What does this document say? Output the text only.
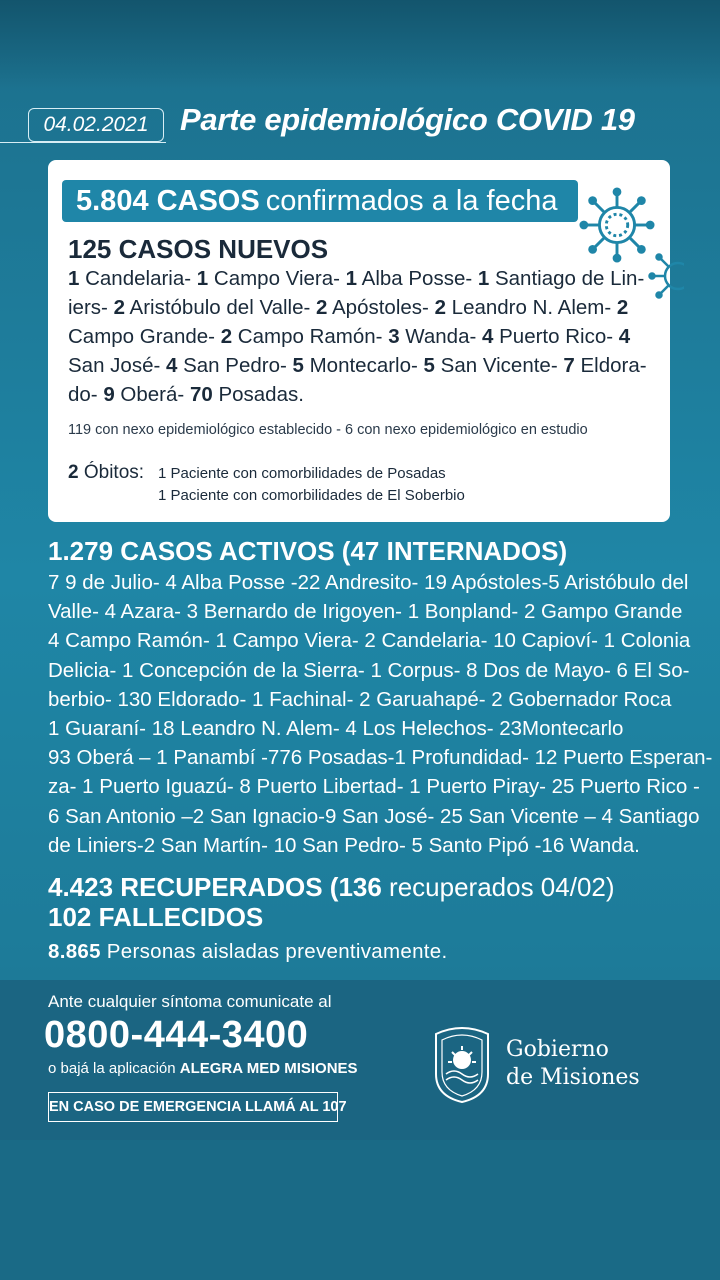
04.02.2021	Parte epidemiológico COVID 19
5.804 CASOS confirmados a la fecha
125 CASOS NUEVOS
1 Candelaria- 1 Campo Viera- 1 Alba Posse- 1 Santiago de Lin-
iers- 2 Aristóbulo del Valle- 2 Apóstoles- 2 Leandro N. Alem- 2
Campo Grande- 2 Campo Ramón- 3 Wanda- 4 Puerto Rico- 4
San José- 4 San Pedro- 5 Montecarlo- 5 San Vicente- 7 Eldora-
do- 9 Oberá- 70 Posadas.
119 con nexo epidemiológico establecido - 6 con nexo epidemiológico en estudio
2 Óbitos: 1 Paciente con comorbilidades de Posadas
1 Paciente con comorbilidades de El Soberbio
1.279 CASOS ACTIVOS (47 INTERNADOS)
7 9 de Julio- 4 Alba Posse -22 Andresito- 19 Apóstoles-5 Aristóbulo del
Valle- 4 Azara- 3 Bernardo de Irigoyen- 1 Bonpland- 2 Gampo Grande
4 Campo Ramón- 1 Campo Viera- 2 Candelaria- 10 Capioví- 1 Colonia
Delicia- 1 Concepción de la Sierra- 1 Corpus- 8 Dos de Mayo- 6 El So-
berbio- 130 Eldorado- 1 Fachinal- 2 Garuahapé- 2 Gobernador Roca
1 Guaraní- 18 Leandro N. Alem- 4 Los Helechos- 23Montecarlo
93 Oberá – 1 Panambí -776 Posadas-1 Profundidad- 12 Puerto Esperan-
za- 1 Puerto Iguazú- 8 Puerto Libertad- 1 Puerto Piray- 25 Puerto Rico -
6 San Antonio –2 San Ignacio-9 San José- 25 San Vicente – 4 Santiago
de Liniers-2 San Martín- 10 San Pedro- 5 Santo Pipó -16 Wanda.
4.423 RECUPERADOS (136 recuperados 04/02)
102 FALLECIDOS
8.865 Personas aisladas preventivamente.
Ante cualquier síntoma comunicate al
0800-444-3400
o bajá la aplicación ALEGRA MED MISIONES
EN CASO DE EMERGENCIA LLAMÁ AL 107
Gobierno
de Misiones
